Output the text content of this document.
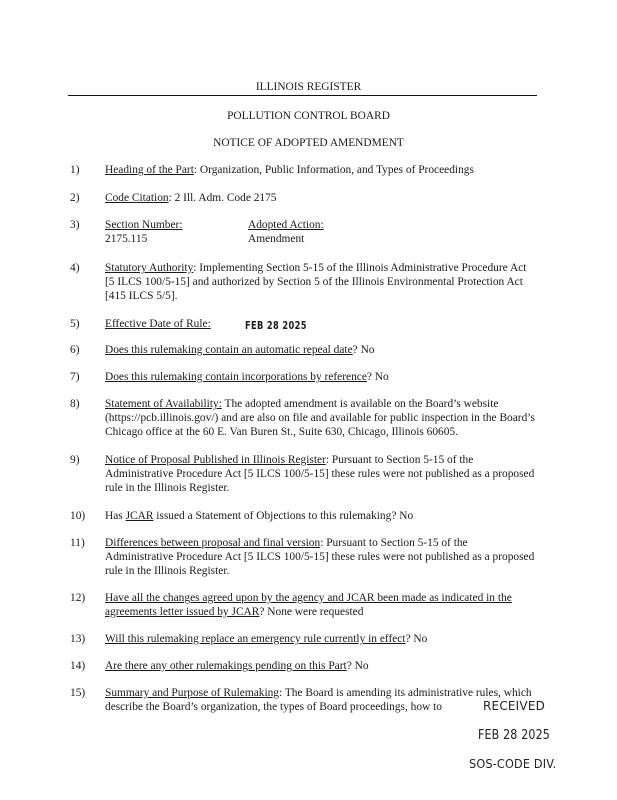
ILLINOIS REGISTER
POLLUTION CONTROL BOARD
NOTICE OF ADOPTED AMENDMENT
1) Heading of the Part: Organization, Public Information, and Types of Proceedings
2) Code Citation: 2 Ill. Adm. Code 2175
3) Section Number:
2175.115
Adopted Action:
Amendment
4) Statutory Authority: Implementing Section 5-15 of the Illinois Administrative Procedure Act [5 ILCS 100/5-15] and authorized by Section 5 of the Illinois Environmental Protection Act [415 ILCS 5/5].
5) Effective Date of Rule:	FEB 28 2025
6) Does this rulemaking contain an automatic repeal date? No
7) Does this rulemaking contain incorporations by reference? No
8) Statement of Availability: The adopted amendment is available on the Board’s website (https://pcb.illinois.gov/) and are also on file and available for public inspection in the Board’s Chicago office at the 60 E. Van Buren St., Suite 630, Chicago, Illinois 60605.
9) Notice of Proposal Published in Illinois Register: Pursuant to Section 5-15 of the Administrative Procedure Act [5 ILCS 100/5-15] these rules were not published as a proposed rule in the Illinois Register.
10) Has JCAR issued a Statement of Objections to this rulemaking? No
11) Differences between proposal and final version: Pursuant to Section 5-15 of the Administrative Procedure Act [5 ILCS 100/5-15] these rules were not published as a proposed rule in the Illinois Register.
12) Have all the changes agreed upon by the agency and JCAR been made as indicated in the agreements letter issued by JCAR? None were requested
13) Will this rulemaking replace an emergency rule currently in effect? No
14) Are there any other rulemakings pending on this Part? No
15) Summary and Purpose of Rulemaking: The Board is amending its administrative rules, which describe the Board’s organization, the types of Board proceedings, how to	RECEIVED
FEB 28 2025
SOS-CODE DIV.
